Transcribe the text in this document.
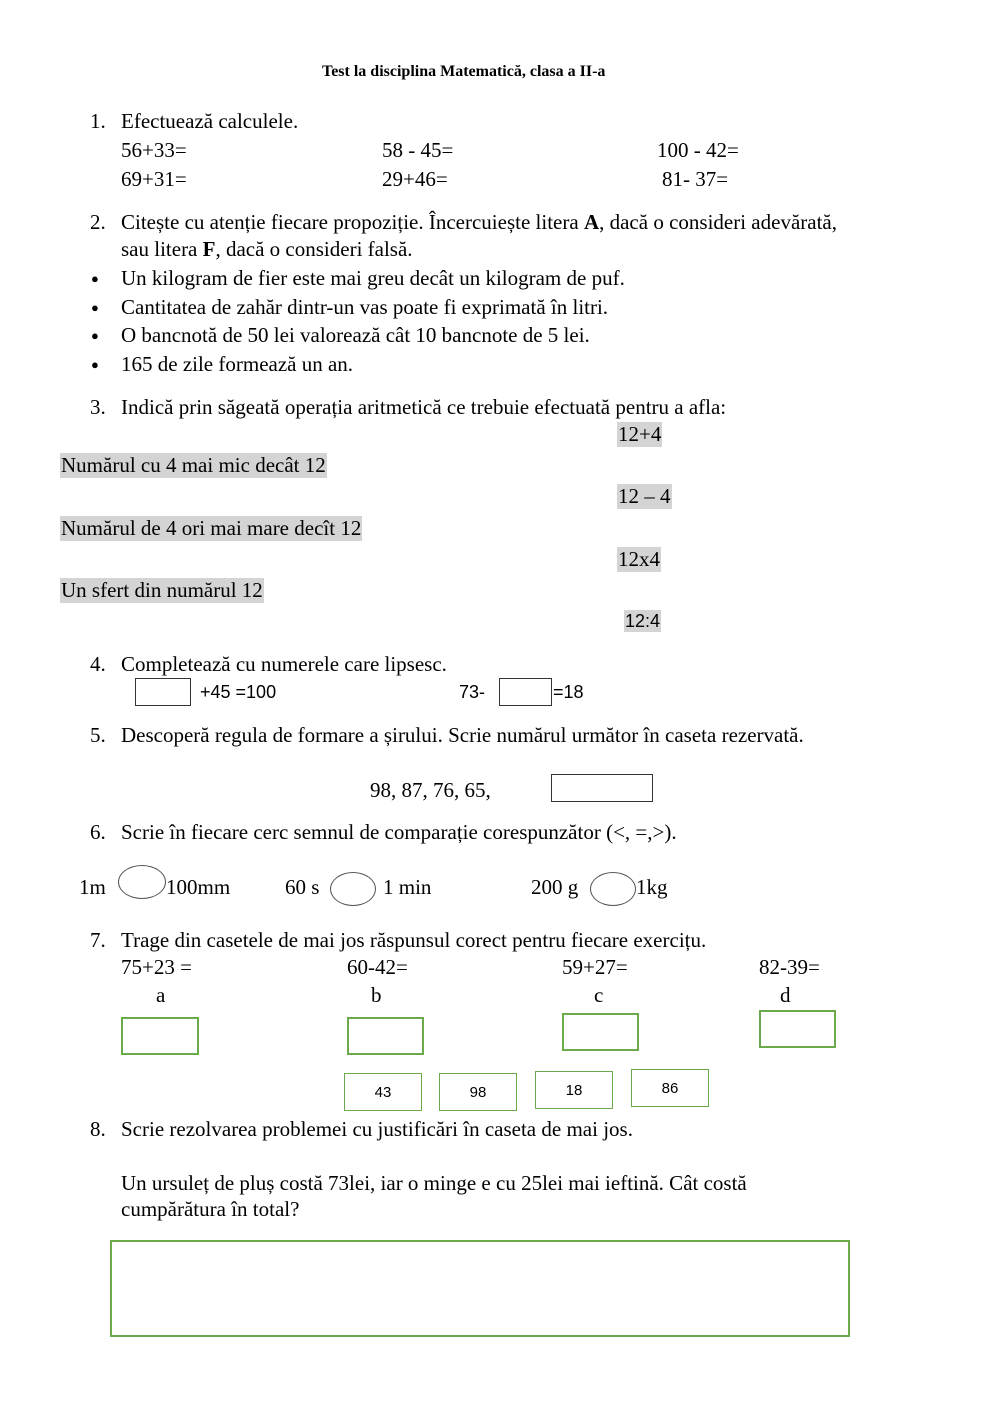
Test la disciplina Matematică, clasa a II-a
1. Efectuează calculele.
56+33=	58 - 45=	100 - 42=
69+31=	29+46=	81- 37=
2. Citește cu atenție fiecare propoziție. Încercuiește litera A, dacă o consideri adevărată,
sau litera F, dacă o consideri falsă.
● Un kilogram de fier este mai greu decât un kilogram de puf.
● Cantitatea de zahăr dintr-un vas poate fi exprimată în litri.
● O bancnotă de 50 lei valorează cât 10 bancnote de 5 lei.
● 165 de zile formează un an.
3. Indică prin săgeată operația aritmetică ce trebuie efectuată pentru a afla:
12+4
Numărul cu 4 mai mic decât 12
12 – 4
Numărul de 4 ori mai mare decît 12
12x4
Un sfert din numărul 12
12:4
4. Completează cu numerele care lipsesc.
+45 =100	73-	=18
5. Descoperă regula de formare a șirului. Scrie numărul următor în caseta rezervată.
98, 87, 76, 65,
6. Scrie în fiecare cerc semnul de comparație corespunzător (<, =,>).
1m	100mm	60 s	1 min	200 g	1kg
7. Trage din casetele de mai jos răspunsul corect pentru fiecare exercițu.
75+23 =	60-42=	59+27=	82-39=
a	b	c	d
43	98	18	86
8. Scrie rezolvarea problemei cu justificări în caseta de mai jos.
Un ursuleț de pluș costă 73lei, iar o minge e cu 25lei mai ieftină. Cât costă
cumpărătura în total?
